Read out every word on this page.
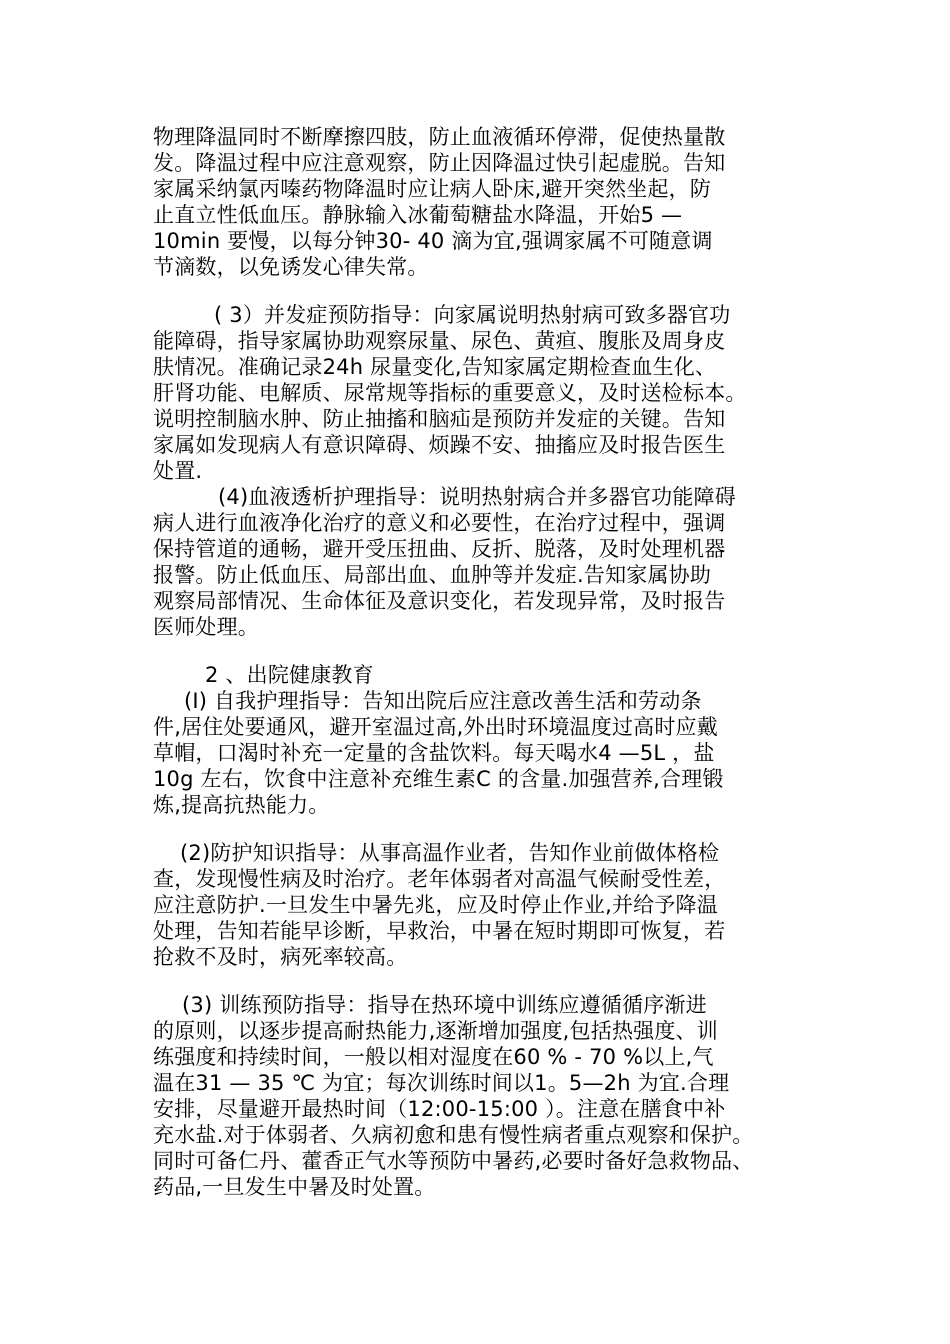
物理降温同时不断摩擦四肢，防止血液循环停滞，促使热量散
发。降温过程中应注意观察，防止因降温过快引起虚脱。告知
家属采纳氯丙嗪药物降温时应让病人卧床,避开突然坐起，防
止直立性低血压。静脉输入冰葡萄糖盐水降温，开始5 —
10min 要慢，以每分钟30- 40 滴为宜,强调家属不可随意调
节滴数，以免诱发心律失常。
( 3）并发症预防指导：向家属说明热射病可致多器官功
能障碍，指导家属协助观察尿量、尿色、黄疸、腹胀及周身皮
肤情况。准确记录24h 尿量变化,告知家属定期检查血生化、
肝肾功能、电解质、尿常规等指标的重要意义，及时送检标本。
说明控制脑水肿、防止抽搐和脑疝是预防并发症的关键。告知
家属如发现病人有意识障碍、烦躁不安、抽搐应及时报告医生
处置.
(4)血液透析护理指导：说明热射病合并多器官功能障碍
病人进行血液净化治疗的意义和必要性，在治疗过程中，强调
保持管道的通畅，避开受压扭曲、反折、脱落，及时处理机器
报警。防止低血压、局部出血、血肿等并发症.告知家属协助
观察局部情况、生命体征及意识变化，若发现异常，及时报告
医师处理。
2 、出院健康教育
(I) 自我护理指导：告知出院后应注意改善生活和劳动条
件,居住处要通风，避开室温过高,外出时环境温度过高时应戴
草帽，口渴时补充一定量的含盐饮料。每天喝水4 —5L ，盐
10g 左右，饮食中注意补充维生素C 的含量.加强营养,合理锻
炼,提高抗热能力。
(2)防护知识指导：从事高温作业者，告知作业前做体格检
查，发现慢性病及时治疗。老年体弱者对高温气候耐受性差，
应注意防护.一旦发生中暑先兆，应及时停止作业,并给予降温
处理，告知若能早诊断，早救治，中暑在短时期即可恢复，若
抢救不及时，病死率较高。
(3) 训练预防指导：指导在热环境中训练应遵循循序渐进
的原则，以逐步提高耐热能力,逐渐增加强度,包括热强度、训
练强度和持续时间，一般以相对湿度在60 % - 70 %以上,气
温在31 — 35 ℃ 为宜；每次训练时间以1。5—2h 为宜.合理
安排，尽量避开最热时间（12:00-15:00 ）。注意在膳食中补
充水盐.对于体弱者、久病初愈和患有慢性病者重点观察和保护。
同时可备仁丹、藿香正气水等预防中暑药,必要时备好急救物品、
药品,一旦发生中暑及时处置。
